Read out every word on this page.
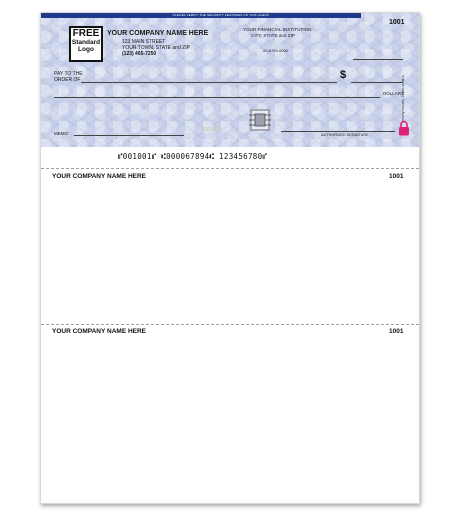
PLEASE VERIFY THE SECURITY FEATURES ON THIS CHECK
FREE
Standard
Logo
YOUR COMPANY NAME HERE
123 MAIN STREET
YOUR TOWN, STATE and ZIP
(123) 465-7250
YOUR FINANCIAL INSTITUTION
CITY, STATE and ZIP
00-6789-0000
1001
PAY TO THE
ORDER OF	$
DOLLARS
Security features. Details on back.
MEMO
VOID
AUTHORIZED SIGNATURE
⑈001001⑈ ⑆000067894⑆ 123456780⑈
YOUR COMPANY NAME HERE	1001
YOUR COMPANY NAME HERE	1001
